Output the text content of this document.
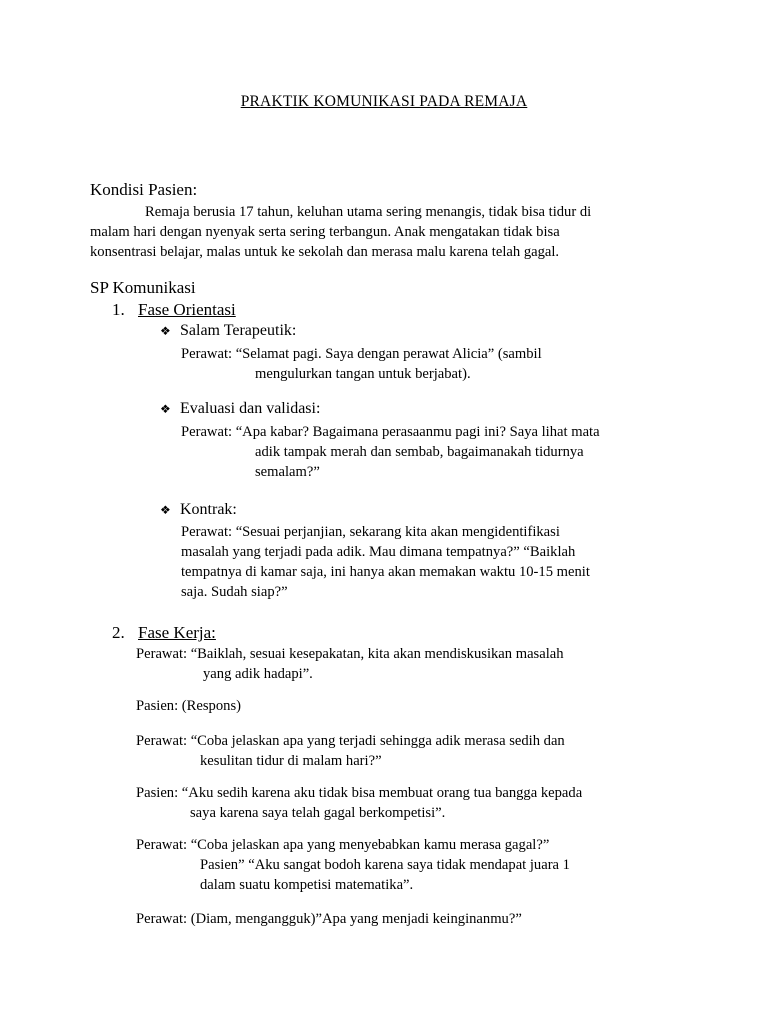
PRAKTIK KOMUNIKASI PADA REMAJA
Kondisi Pasien:
Remaja berusia 17 tahun, keluhan utama sering menangis, tidak bisa tidur di
malam hari dengan nyenyak serta sering terbangun. Anak mengatakan tidak bisa
konsentrasi belajar, malas untuk ke sekolah dan merasa malu karena telah gagal.
SP Komunikasi
1. Fase Orientasi
❖ Salam Terapeutik:
Perawat: “Selamat pagi. Saya dengan perawat Alicia” (sambil
mengulurkan tangan untuk berjabat).
❖ Evaluasi dan validasi:
Perawat: “Apa kabar? Bagaimana perasaanmu pagi ini? Saya lihat mata
adik tampak merah dan sembab, bagaimanakah tidurnya
semalam?”
❖ Kontrak:
Perawat: “Sesuai perjanjian, sekarang kita akan mengidentifikasi
masalah yang terjadi pada adik. Mau dimana tempatnya?” “Baiklah
tempatnya di kamar saja, ini hanya akan memakan waktu 10-15 menit
saja. Sudah siap?”
2. Fase Kerja:
Perawat: “Baiklah, sesuai kesepakatan, kita akan mendiskusikan masalah
yang adik hadapi”.
Pasien: (Respons)
Perawat: “Coba jelaskan apa yang terjadi sehingga adik merasa sedih dan
kesulitan tidur di malam hari?”
Pasien: “Aku sedih karena aku tidak bisa membuat orang tua bangga kepada
saya karena saya telah gagal berkompetisi”.
Perawat: “Coba jelaskan apa yang menyebabkan kamu merasa gagal?”
Pasien” “Aku sangat bodoh karena saya tidak mendapat juara 1
dalam suatu kompetisi matematika”.
Perawat: (Diam, mengangguk)”Apa yang menjadi keinginanmu?”
